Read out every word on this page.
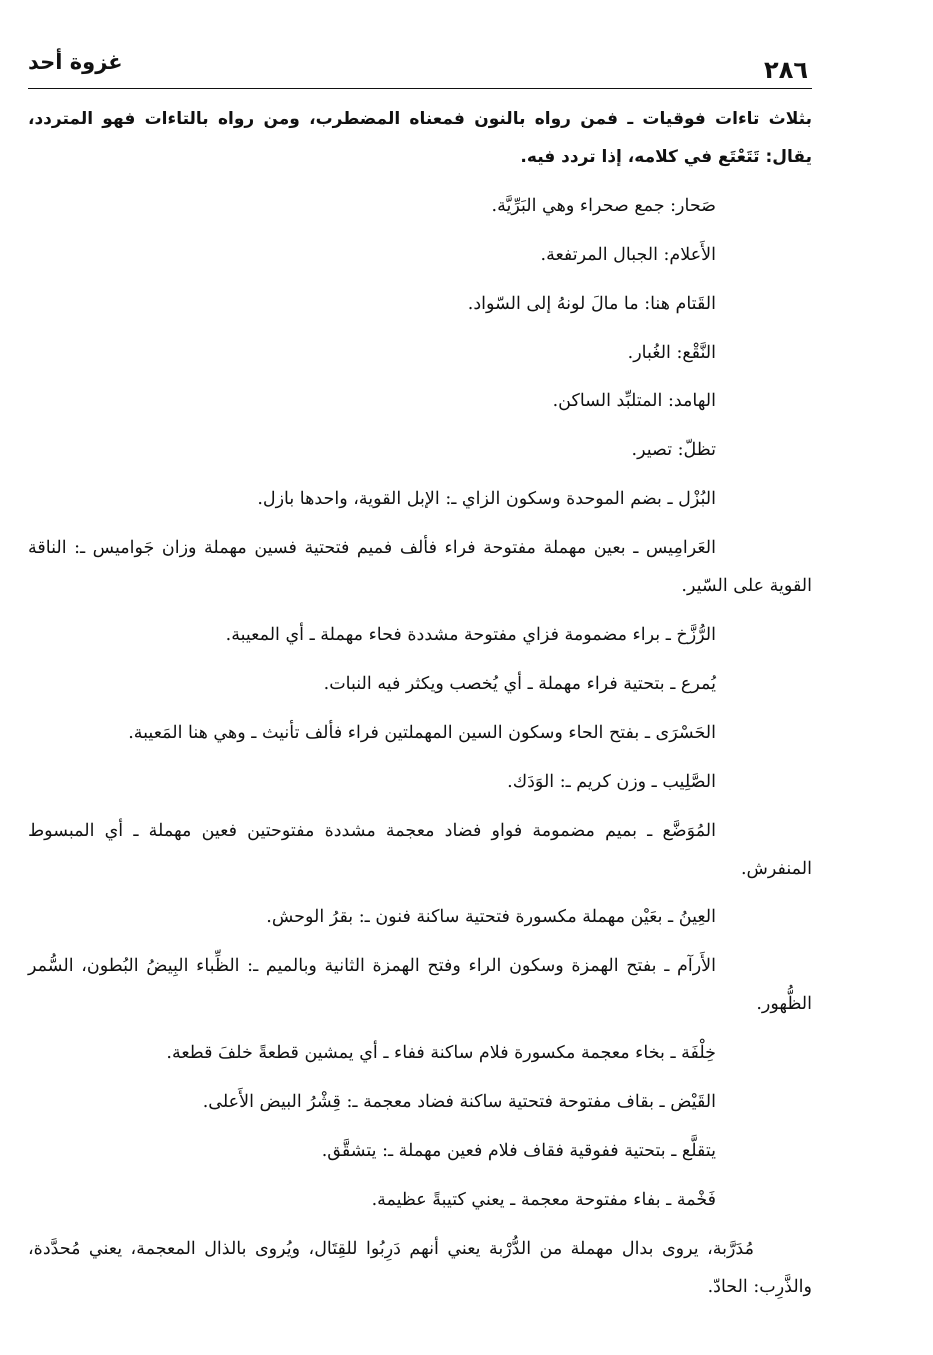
٢٨٦
غزوة أحد

بثلاث تاءات فوقيات ـ فمن رواه بالنون فمعناه المضطرب، ومن رواه بالتاءات فهو المتردد، يقال: تَتَعْتَع في كلامه، إذا تردد فيه.

صَحار: جمع صحراء وهي البَرِّيَّة.

الأَعلام: الجبال المرتفعة.

القَتام هنا: ما مالَ لونهُ إلى السّواد.

النَّقْع: الغُبار.

الهامد: المتلبِّد الساكن.

تظلّ: تصير.

البُزْل ـ بضم الموحدة وسكون الزاي ـ: الإبل القوية، واحدها بازل.

العَرامِيس ـ بعين مهملة مفتوحة فراء فألف فميم فتحتية فسين مهملة وزان جَواميس ـ: الناقة القوية على السّير.

الرُّزَّخ ـ براء مضمومة فزاي مفتوحة مشددة فحاء مهملة ـ أي المعيبة.

يُمرع ـ بتحتية فراء مهملة ـ أي يُخصب ويكثر فيه النبات.

الحَسْرَى ـ بفتح الحاء وسكون السين المهملتين فراء فألف تأنيث ـ وهي هنا المَعيبة.

الصَّلِيب ـ وزن كريم ـ: الوَدَك.

المُوَضَّع ـ بميم مضمومة فواو فضاد معجمة مشددة مفتوحتين فعين مهملة ـ أي المبسوط المنفرش.

العِينُ ـ بعَيْن مهملة مكسورة فتحتية ساكنة فنون ـ: بقرُ الوحش.

الأَرآم ـ بفتح الهمزة وسكون الراء وفتح الهمزة الثانية وبالميم ـ: الظِّباء البِيضُ البُطون، السُّمر الظُّهور.

خِلْفَة ـ بخاء معجمة مكسورة فلام ساكنة ففاء ـ أي يمشين قطعةً خلفَ قطعة.

القَيْض ـ بقاف مفتوحة فتحتية ساكنة فضاد معجمة ـ: قِشْرُ البيض الأَعلى.

يتقلَّع ـ بتحتية ففوقية فقاف فلام فعين مهملة ـ: يتشقَّق.

فَخْمة ـ بفاء مفتوحة معجمة ـ يعني كتيبةً عظيمة.

مُدَرَّبة، يروى بدال مهملة من الدُّرْبة يعني أنهم دَرِبُوا للقِتَال، ويُروى بالذال المعجمة، يعني مُحدَّدة، والذَّرِب: الحادّ.
